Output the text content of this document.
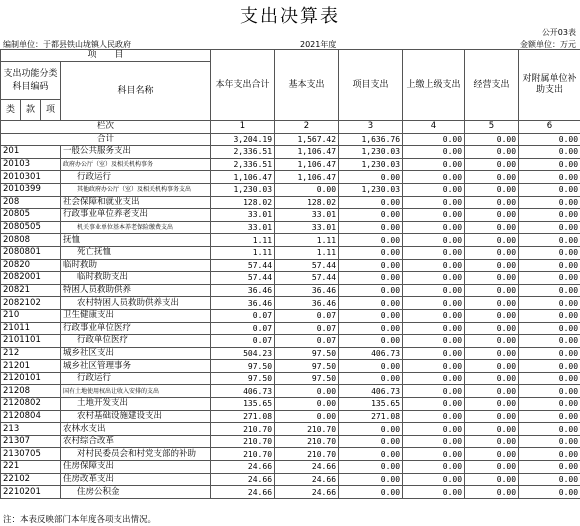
支出决算表
公开03表
编制单位：于都县铁山垅镇人民政府	2021年度	金额单位：万元
项　　目				本年支出合计	基本支出	项目支出	上缴上级支出	经营支出	对附属单位补助支出
支出功能分类科目编码			科目名称						

类	款	项							
栏次				1	2	3	4	5	6
合计				3,204.19	1,567.42	1,636.76	0.00	0.00	0.00
201			一般公共服务支出	2,336.51	1,106.47	1,230.03	0.00	0.00	0.00
20103			政府办公厅（室）及相关机构事务	2,336.51	1,106.47	1,230.03	0.00	0.00	0.00
2010301			行政运行	1,106.47	1,106.47	0.00	0.00	0.00	0.00
2010399			其他政府办公厅（室）及相关机构事务支出	1,230.03	0.00	1,230.03	0.00	0.00	0.00
208			社会保障和就业支出	128.02	128.02	0.00	0.00	0.00	0.00
20805			行政事业单位养老支出	33.01	33.01	0.00	0.00	0.00	0.00
2080505			机关事业单位基本养老保险缴费支出	33.01	33.01	0.00	0.00	0.00	0.00
20808			抚恤	1.11	1.11	0.00	0.00	0.00	0.00
2080801			死亡抚恤	1.11	1.11	0.00	0.00	0.00	0.00
20820			临时救助	57.44	57.44	0.00	0.00	0.00	0.00
2082001			临时救助支出	57.44	57.44	0.00	0.00	0.00	0.00
20821			特困人员救助供养	36.46	36.46	0.00	0.00	0.00	0.00
2082102			农村特困人员救助供养支出	36.46	36.46	0.00	0.00	0.00	0.00
210			卫生健康支出	0.07	0.07	0.00	0.00	0.00	0.00
21011			行政事业单位医疗	0.07	0.07	0.00	0.00	0.00	0.00
2101101			行政单位医疗	0.07	0.07	0.00	0.00	0.00	0.00
212			城乡社区支出	504.23	97.50	406.73	0.00	0.00	0.00
21201			城乡社区管理事务	97.50	97.50	0.00	0.00	0.00	0.00
2120101			行政运行	97.50	97.50	0.00	0.00	0.00	0.00
21208			国有土地使用权出让收入安排的支出	406.73	0.00	406.73	0.00	0.00	0.00
2120802			土地开发支出	135.65	0.00	135.65	0.00	0.00	0.00
2120804			农村基础设施建设支出	271.08	0.00	271.08	0.00	0.00	0.00
213			农林水支出	210.70	210.70	0.00	0.00	0.00	0.00
21307			农村综合改革	210.70	210.70	0.00	0.00	0.00	0.00
2130705			对村民委员会和村党支部的补助	210.70	210.70	0.00	0.00	0.00	0.00
221			住房保障支出	24.66	24.66	0.00	0.00	0.00	0.00
22102			住房改革支出	24.66	24.66	0.00	0.00	0.00	0.00
2210201			住房公积金	24.66	24.66	0.00	0.00	0.00	0.00
注：本表反映部门本年度各项支出情况。
